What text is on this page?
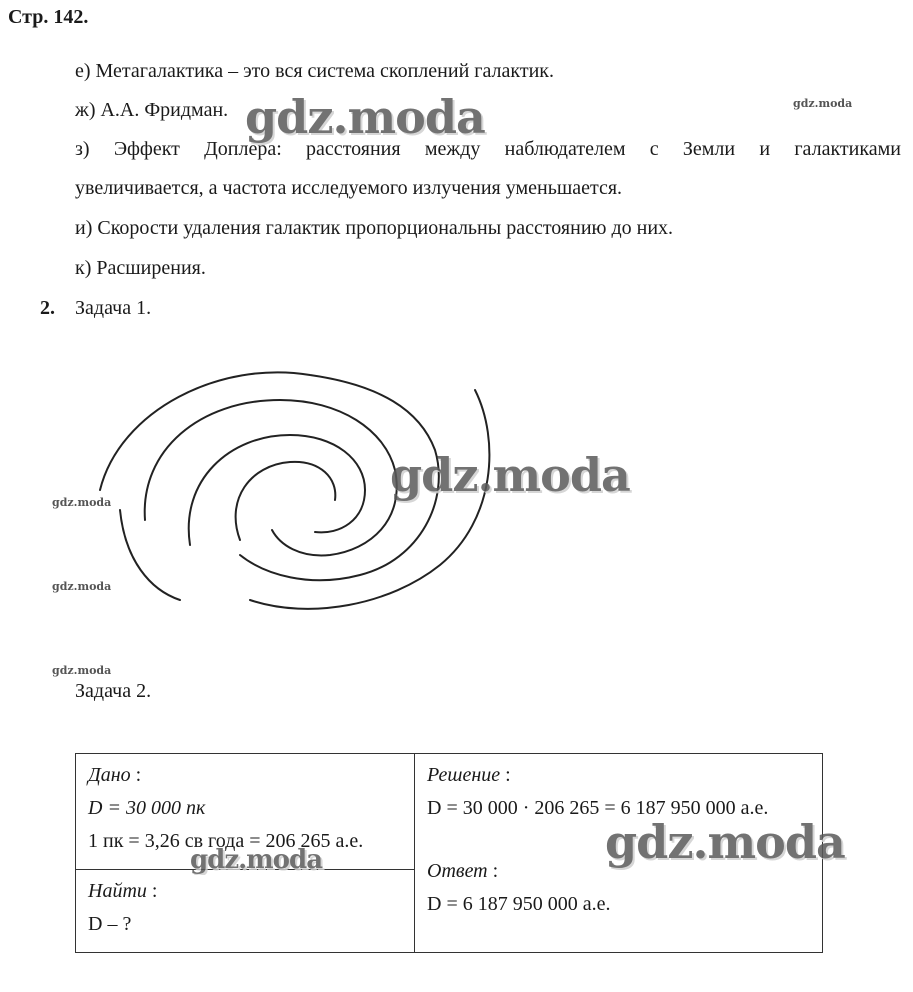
Стр. 142.
е) Метагалактика – это вся система скоплений галактик.
ж) А.А. Фридман.
з) Эффект Доплера: расстояния между наблюдателем с Земли и галактиками
увеличивается, а частота исследуемого излучения уменьшается.
и) Скорости удаления галактик пропорциональны расстоянию до них.
к) Расширения.
2. Задача 1.
Задача 2.
Дано :
D = 30 000 пк
1 пк = 3,26 св года = 206 265 а.е.

Решение :
D = 30 000 · 206 265 = 6 187 950 000 а.е.
Ответ :
D = 6 187 950 000 а.е.

Найти :
D – ?
gdz.moda	gdz.moda
gdz.moda
gdz.moda
gdz.moda
gdz.moda
gdz.moda
gdz.moda
